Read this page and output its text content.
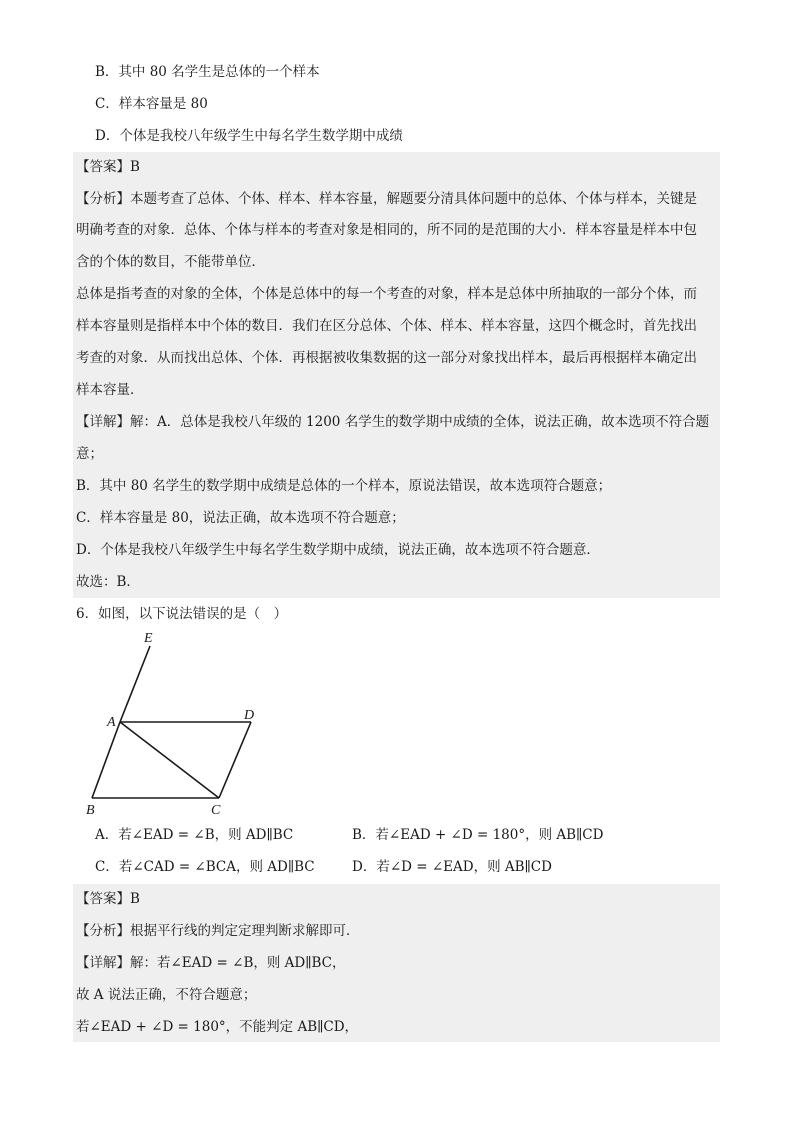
B．其中 80 名学生是总体的一个样本
C．样本容量是 80
D．个体是我校八年级学生中每名学生数学期中成绩
【答案】B
【分析】本题考查了总体、个体、样本、样本容量，解题要分清具体问题中的总体、个体与样本，关键是
明确考查的对象．总体、个体与样本的考查对象是相同的，所不同的是范围的大小．样本容量是样本中包
含的个体的数目，不能带单位．
总体是指考查的对象的全体，个体是总体中的每一个考查的对象，样本是总体中所抽取的一部分个体，而
样本容量则是指样本中个体的数目．我们在区分总体、个体、样本、样本容量，这四个概念时，首先找出
考查的对象．从而找出总体、个体．再根据被收集数据的这一部分对象找出样本，最后再根据样本确定出
样本容量．
【详解】解：A．总体是我校八年级的 1200 名学生的数学期中成绩的全体，说法正确，故本选项不符合题
意；
B．其中 80 名学生的数学期中成绩是总体的一个样本，原说法错误，故本选项符合题意；
C．样本容量是 80，说法正确，故本选项不符合题意；
D．个体是我校八年级学生中每名学生数学期中成绩，说法正确，故本选项不符合题意．
故选：B．
6．如图，以下说法错误的是（　）
E
A	D
B	C
A．若∠EAD = ∠B，则 AD∥BC	B．若∠EAD + ∠D = 180°，则 AB∥CD
C．若∠CAD = ∠BCA，则 AD∥BC	D．若∠D = ∠EAD，则 AB∥CD
【答案】B
【分析】根据平行线的判定定理判断求解即可．
【详解】解：若∠EAD = ∠B，则 AD∥BC，
故 A 说法正确，不符合题意；
若∠EAD + ∠D = 180°，不能判定 AB∥CD，
